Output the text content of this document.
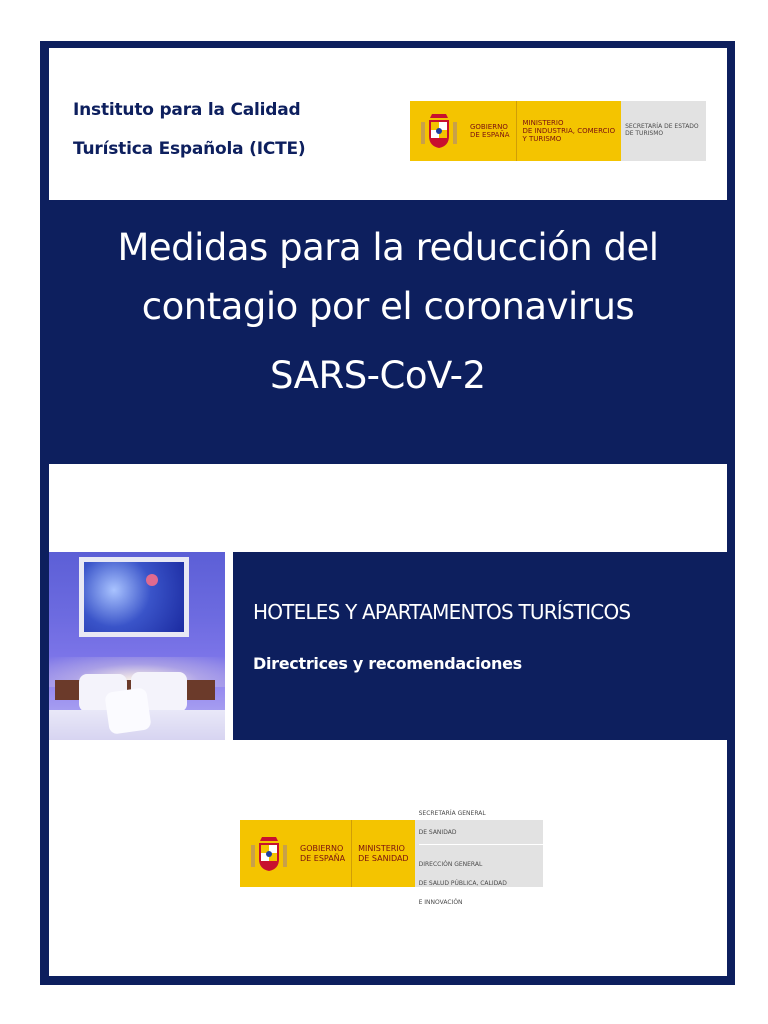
Instituto para la Calidad
Turística Española (ICTE)
GOBIERNO
DE ESPAÑA
MINISTERIO
DE INDUSTRIA, COMERCIO
Y TURISMO
SECRETARÍA DE ESTADO
DE TURISMO
Medidas para la reducción del
contagio por el coronavirus
SARS-CoV-2
HOTELES Y APARTAMENTOS TURÍSTICOS
Directrices y recomendaciones
GOBIERNO
DE ESPAÑA
MINISTERIO
DE SANIDAD
SECRETARÍA GENERAL
DE SANIDAD
DIRECCIÓN GENERAL
DE SALUD PÚBLICA, CALIDAD
E INNOVACIÓN
